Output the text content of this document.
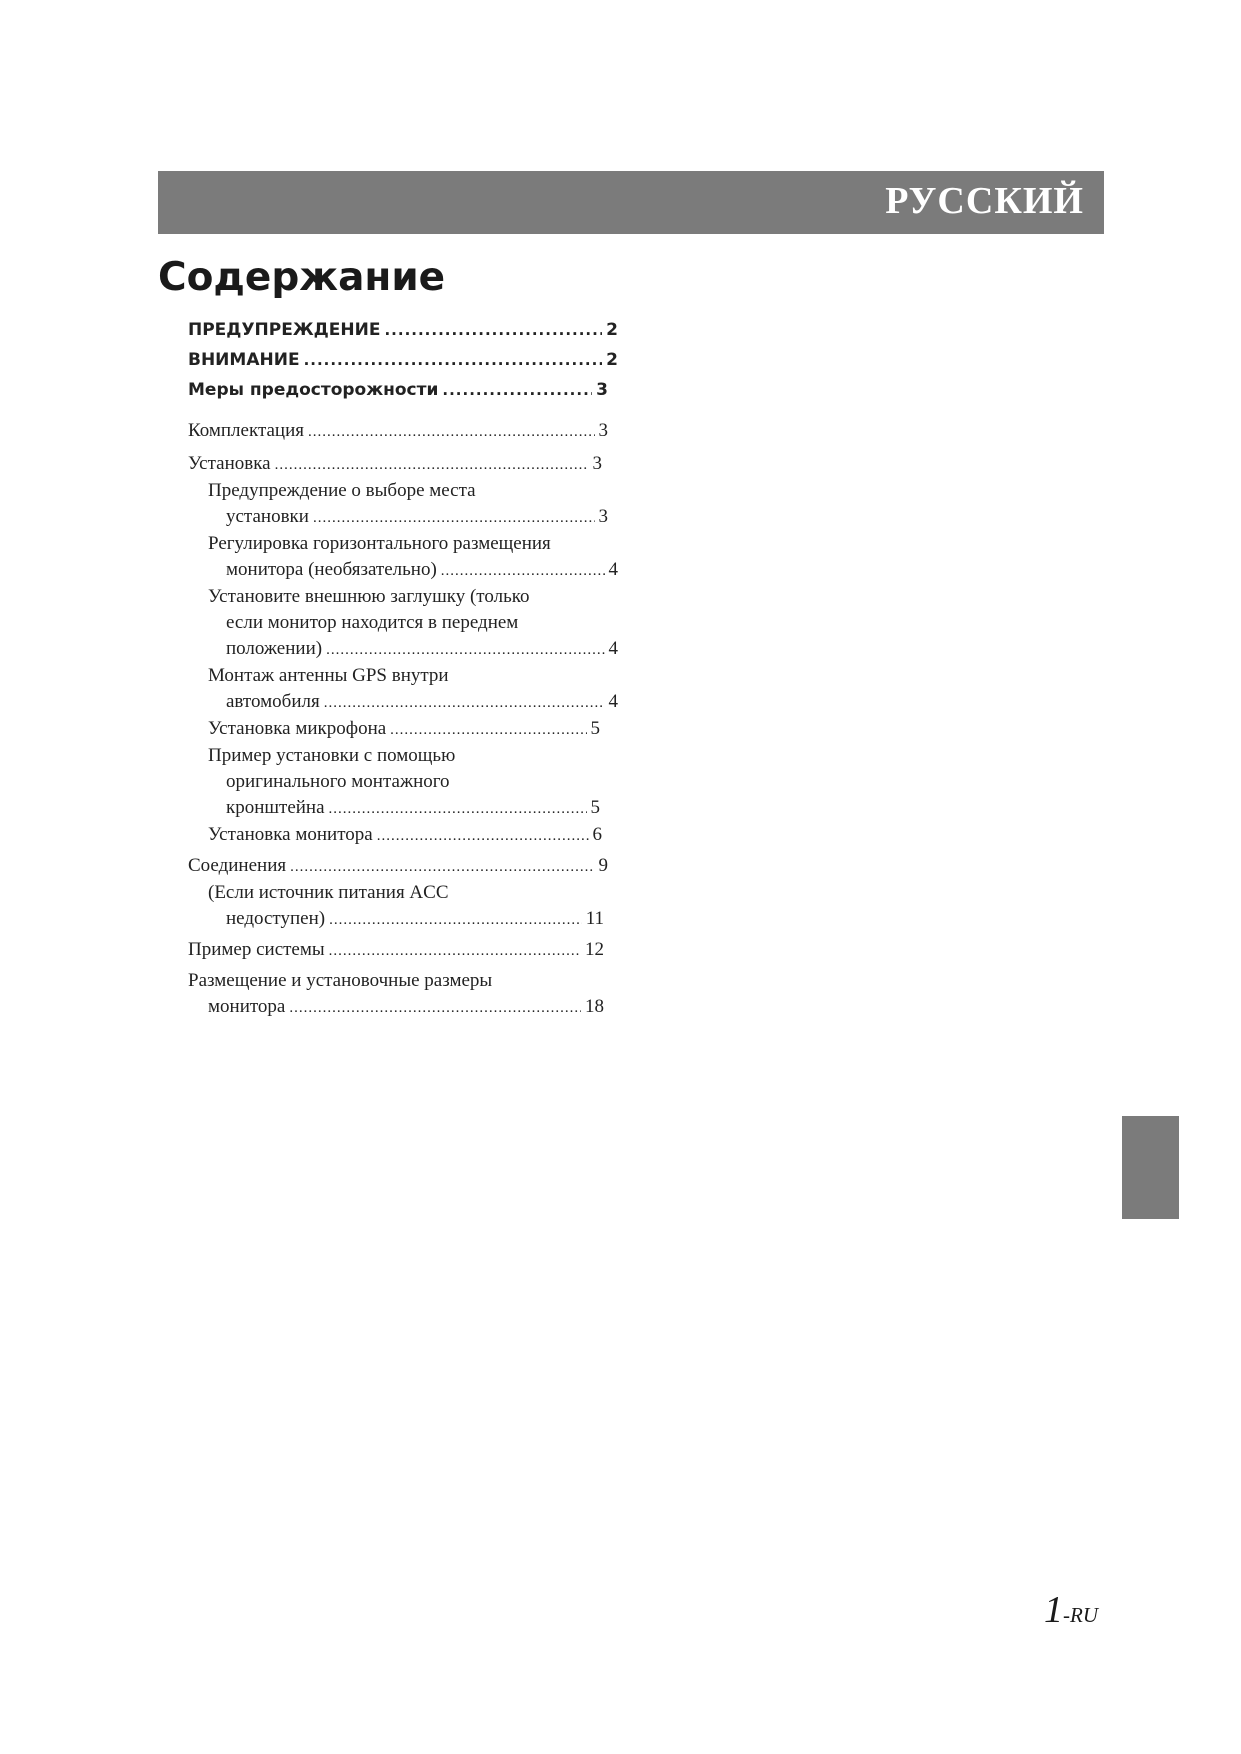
РУССКИЙ
Содержание
ПРЕДУПРЕЖДЕНИЕ .....	2
ВНИМАНИЕ .....	2
Меры предосторожности .....	3
Комплектация .....	3
Установка .....	3
Предупреждение о выборе места
установки .....	3
Регулировка горизонтального размещения
монитора (необязательно) .....	4
Установите внешнюю заглушку (только
если монитор находится в переднем
положении) .....	4
Монтаж антенны GPS внутри
автомобиля .....	4
Установка микрофона .....	5
Пример установки с помощью
оригинального монтажного
кронштейна .....	5
Установка монитора .....	6
Соединения .....	9
(Если источник питания ACC
недоступен) .....	11
Пример системы .....	12
Размещение и установочные размеры
монитора .....	18
1-RU
